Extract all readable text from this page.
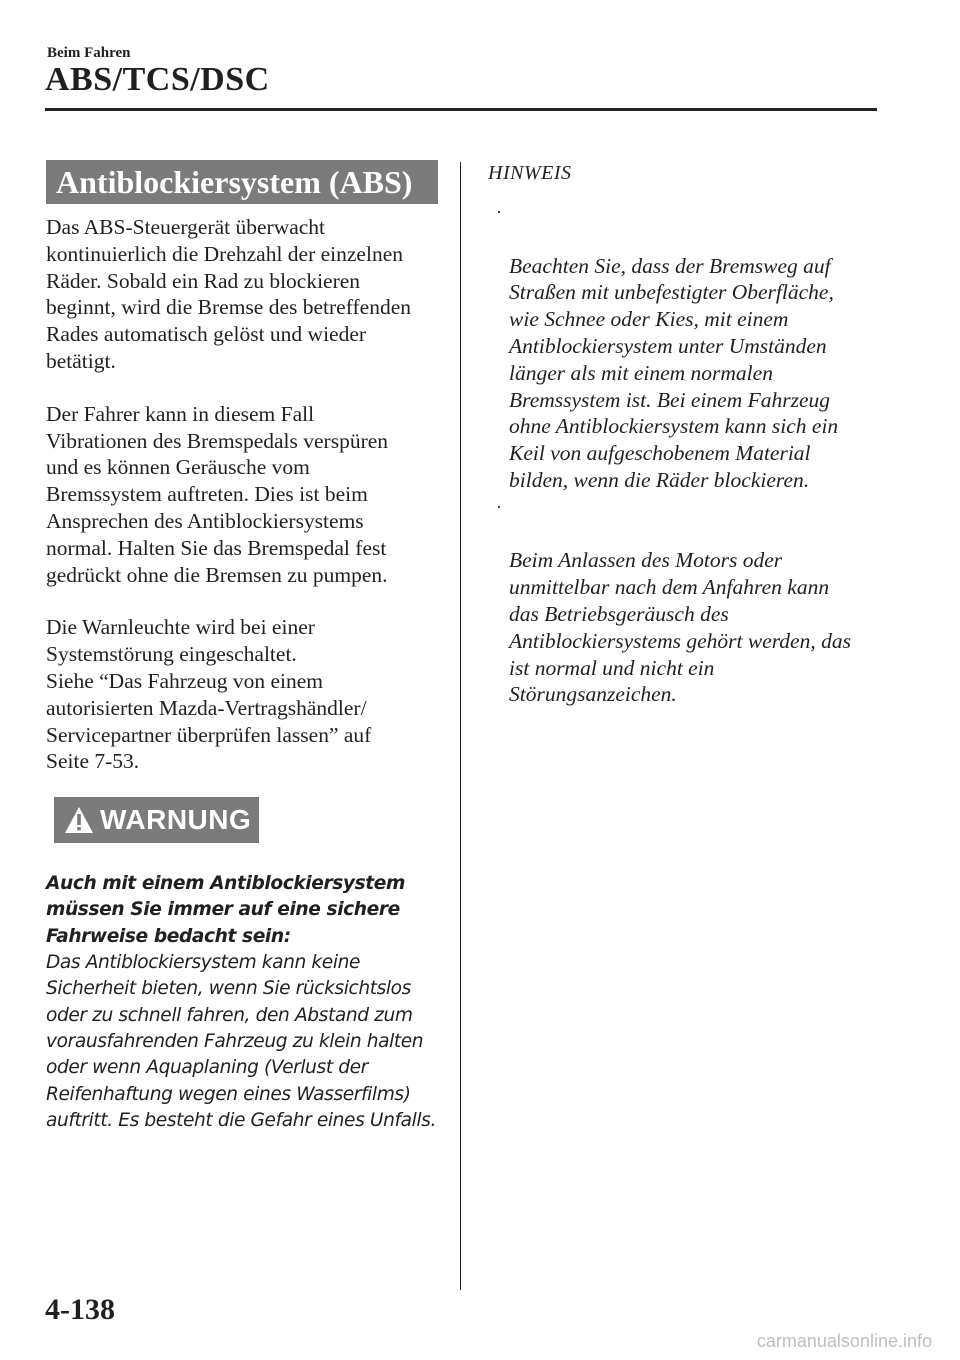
Beim Fahren
ABS/TCS/DSC
Antiblockiersystem (ABS)

Das ABS-Steuergerät überwacht
kontinuierlich die Drehzahl der einzelnen
Räder. Sobald ein Rad zu blockieren
beginnt, wird die Bremse des betreffenden
Rades automatisch gelöst und wieder
betätigt.

Der Fahrer kann in diesem Fall
Vibrationen des Bremspedals verspüren
und es können Geräusche vom
Bremssystem auftreten. Dies ist beim
Ansprechen des Antiblockiersystems
normal. Halten Sie das Bremspedal fest
gedrückt ohne die Bremsen zu pumpen.

Die Warnleuchte wird bei einer
Systemstörung eingeschaltet.
Siehe “Das Fahrzeug von einem
autorisierten Mazda-Vertragshändler/
Servicepartner überprüfen lassen” auf
Seite 7-53.

WARNUNG
Auch mit einem Antiblockiersystem
müssen Sie immer auf eine sichere
Fahrweise bedacht sein:
Das Antiblockiersystem kann keine
Sicherheit bieten, wenn Sie rücksichtslos
oder zu schnell fahren, den Abstand zum
vorausfahrenden Fahrzeug zu klein halten
oder wenn Aquaplaning (Verlust der
Reifenhaftung wegen eines Wasserfilms)
auftritt. Es besteht die Gefahr eines Unfalls.

HINWEIS

·

Beachten Sie, dass der Bremsweg auf
Straßen mit unbefestigter Oberfläche,
wie Schnee oder Kies, mit einem
Antiblockiersystem unter Umständen
länger als mit einem normalen
Bremssystem ist. Bei einem Fahrzeug
ohne Antiblockiersystem kann sich ein
Keil von aufgeschobenem Material
bilden, wenn die Räder blockieren.

·

Beim Anlassen des Motors oder
unmittelbar nach dem Anfahren kann
das Betriebsgeräusch des
Antiblockiersystems gehört werden, das
ist normal und nicht ein
Störungsanzeichen.

4-138
carmanualsonline.info
